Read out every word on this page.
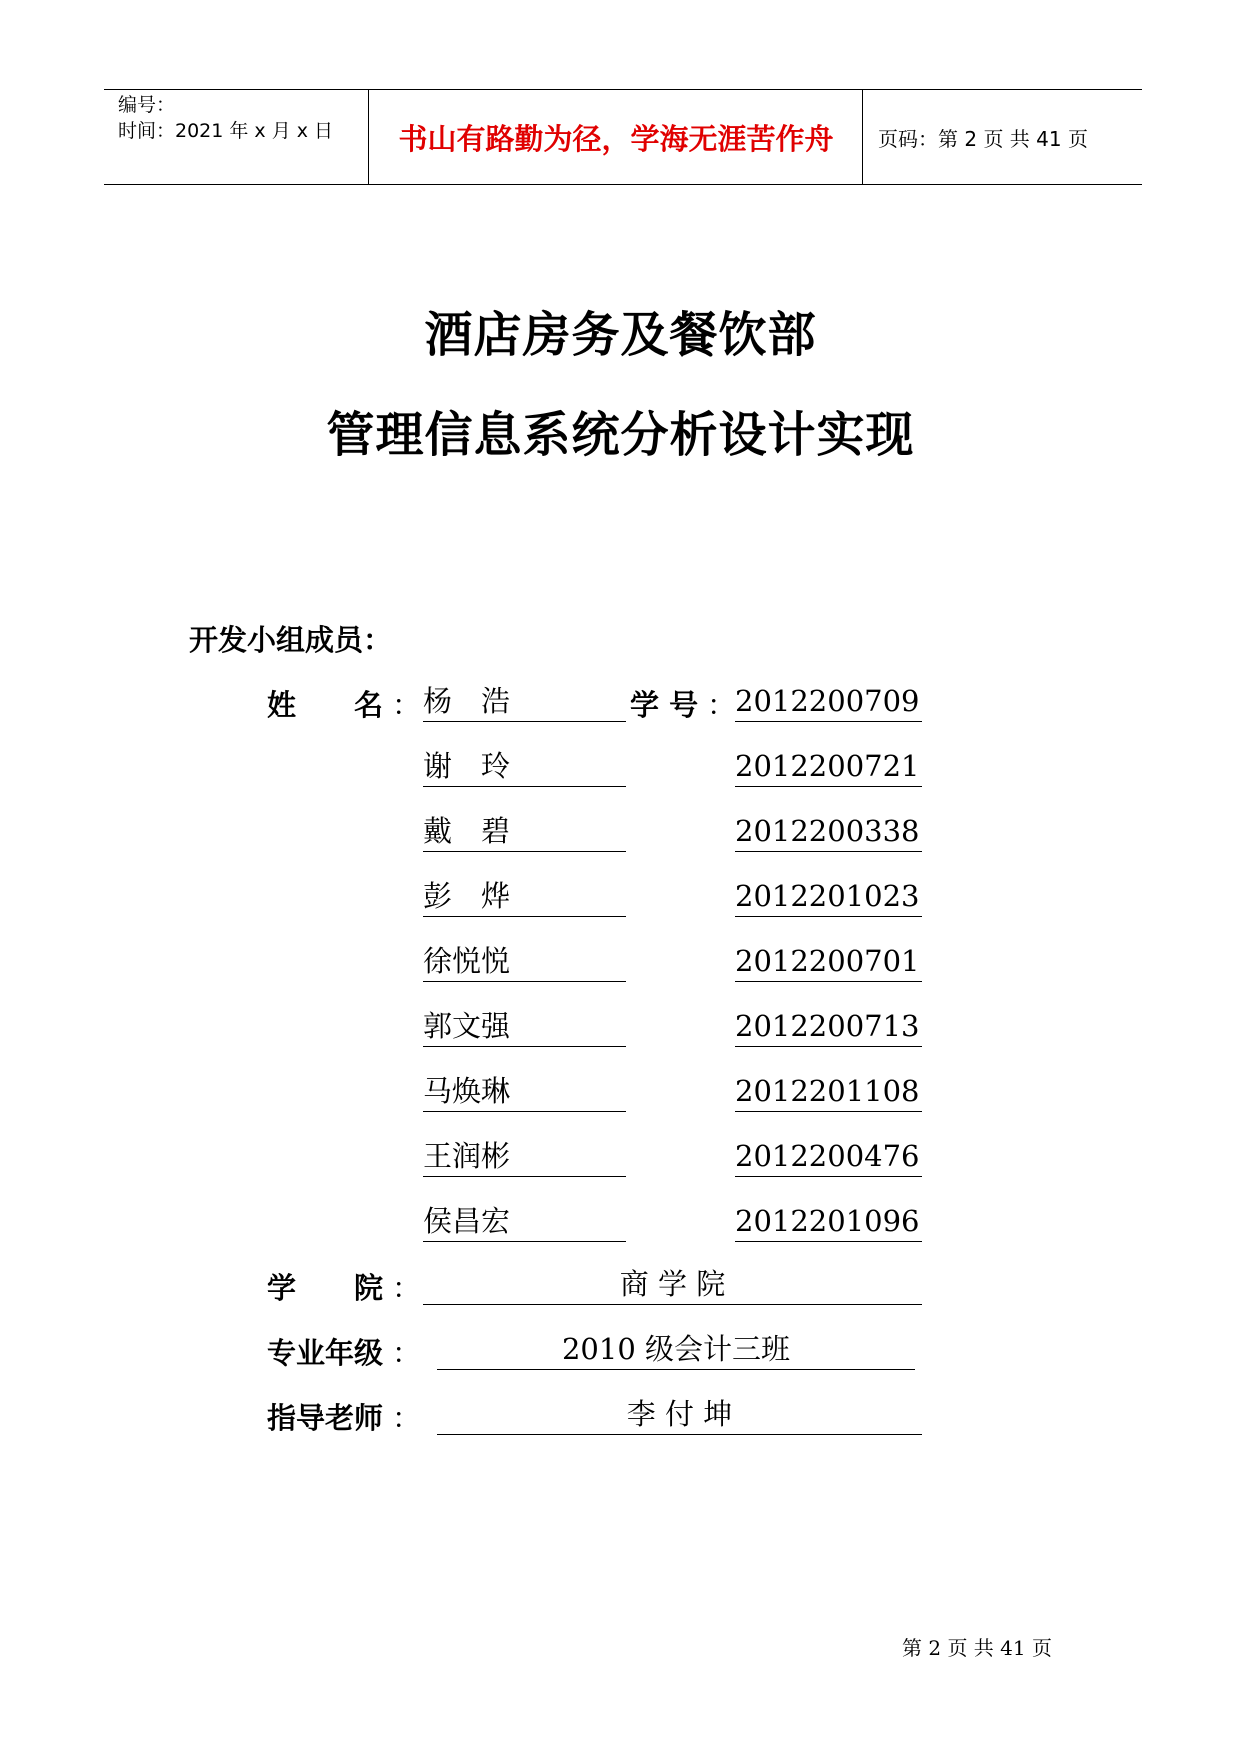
编号：
时间：2021 年 x 月 x 日 书山有路勤为径，学海无涯苦作舟 页码：第 2 页 共 41 页
酒店房务及餐饮部
管理信息系统分析设计实现
开发小组成员：
姓　　名 ：	学 号 ：
杨　浩	2012200709
谢　玲	2012200721
戴　碧	2012200338
彭　烨	2012201023
徐悦悦	2012200701
郭文强	2012200713
马焕琳	2012201108
王润彬	2012200476
侯昌宏	2012201096
学　　院 ：	商 学 院
专业年级 ：	2010 级会计三班
指导老师 ：	李 付 坤
第 2 页 共 41 页
